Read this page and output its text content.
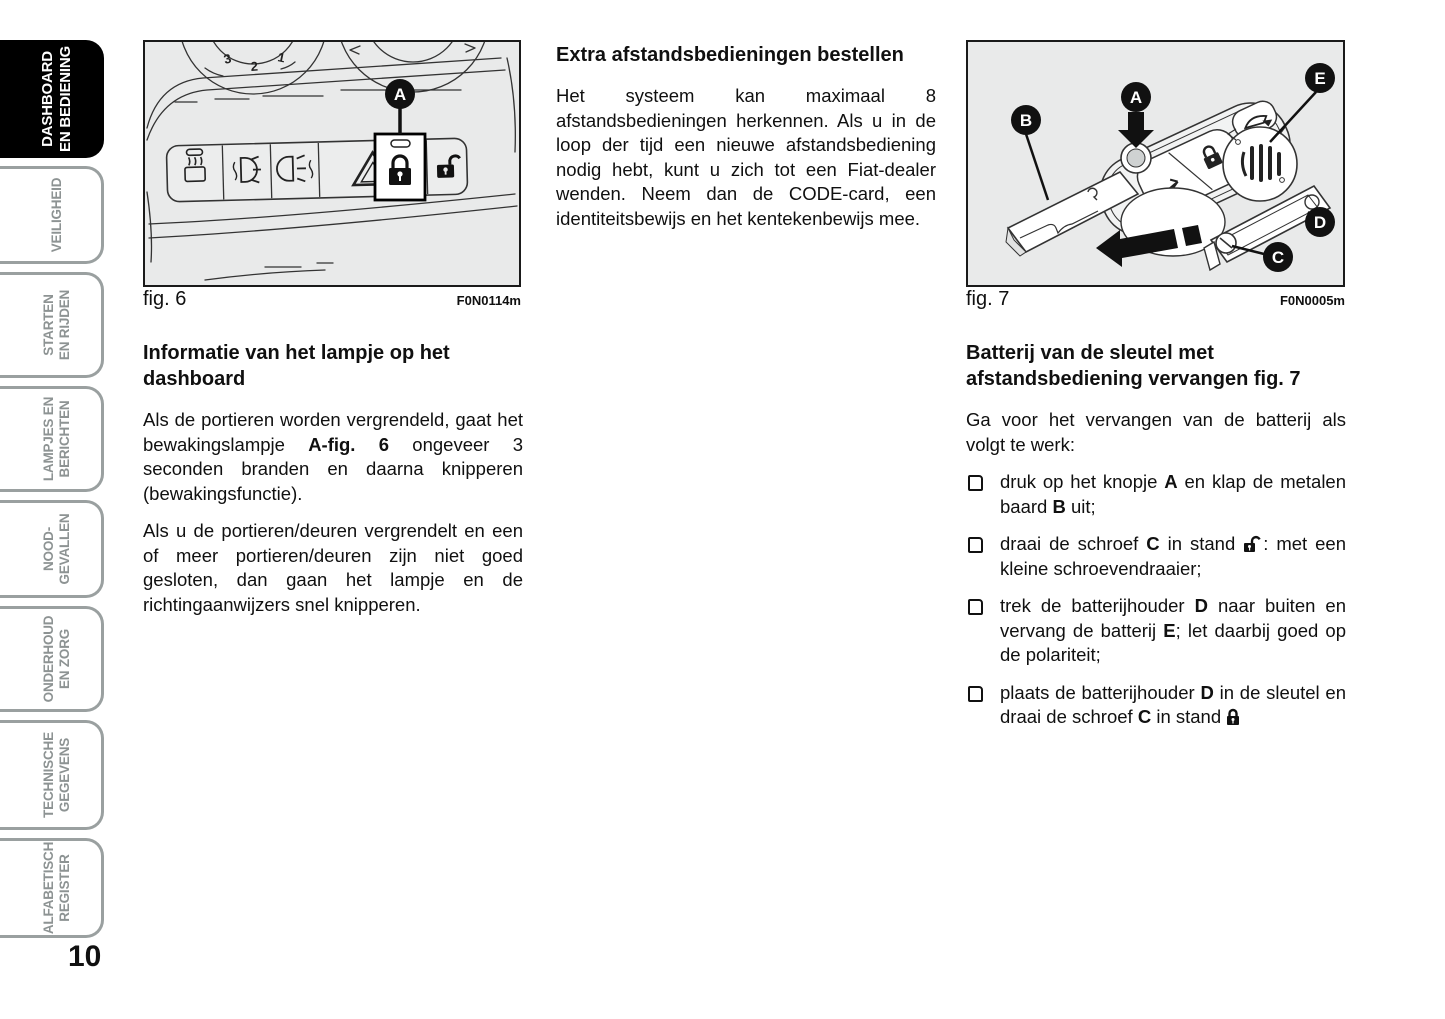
DASHBOARD EN BEDIENING
VEILIGHEID
STARTEN EN RIJDEN
LAMPJES EN BERICHTEN
NOOD- GEVALLEN
ONDERHOUD EN ZORG
TECHNISCHE GEGEVENS
ALFABETISCH REGISTER
10
A
3 2
1
fig. 6	F0N0114m
A
B
E
D
C
fig. 7	F0N0005m
Extra afstandsbedieningen bestellen

Het systeem kan maximaal 8 afstandsbedieningen herkennen. Als u in de loop der tijd een nieuwe afstandsbediening nodig hebt, kunt u zich tot een Fiat-dealer wenden. Neem dan de CODE-card, een identiteitsbewijs en het kentekenbewijs mee.

Informatie van het lampje op het dashboard

Als de portieren worden vergrendeld, gaat het bewakingslampje A-fig. 6 ongeveer 3 seconden branden en daarna knipperen (bewakingsfunctie).

Als u de portieren/deuren vergrendelt en een of meer portieren/deuren zijn niet goed gesloten, dan gaan het lampje en de richtingaanwijzers snel knipperen.

Batterij van de sleutel met afstandsbediening vervangen fig. 7

Ga voor het vervangen van de batterij als volgt te werk:

druk op het knopje A en klap de metalen baard B uit;
draai de schroef C in stand
: met een kleine schroevendraaier;
trek de batterijhouder D naar buiten en vervang de batterij E; let daarbij goed op de polariteit;
plaats de batterijhouder D in de sleutel en draai de schroef C in stand
